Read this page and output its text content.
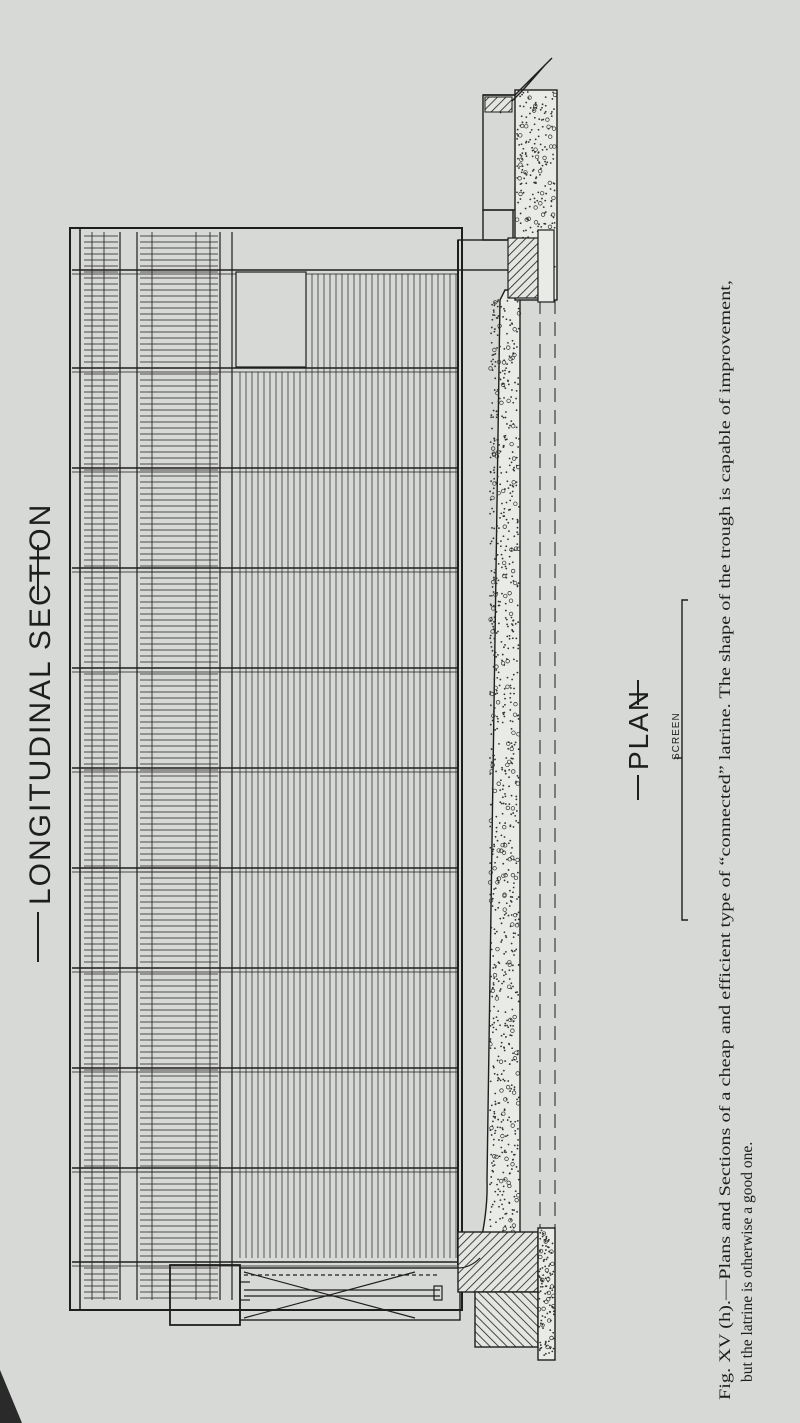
LONGITUDINAL SECTION	PLAN SCREEN Fig. XV (h).—Plans and Sections of a cheap and efficient type of “connected” latrine. The shape of the trough is capable of improvement, but the latrine is otherwise a good one.
